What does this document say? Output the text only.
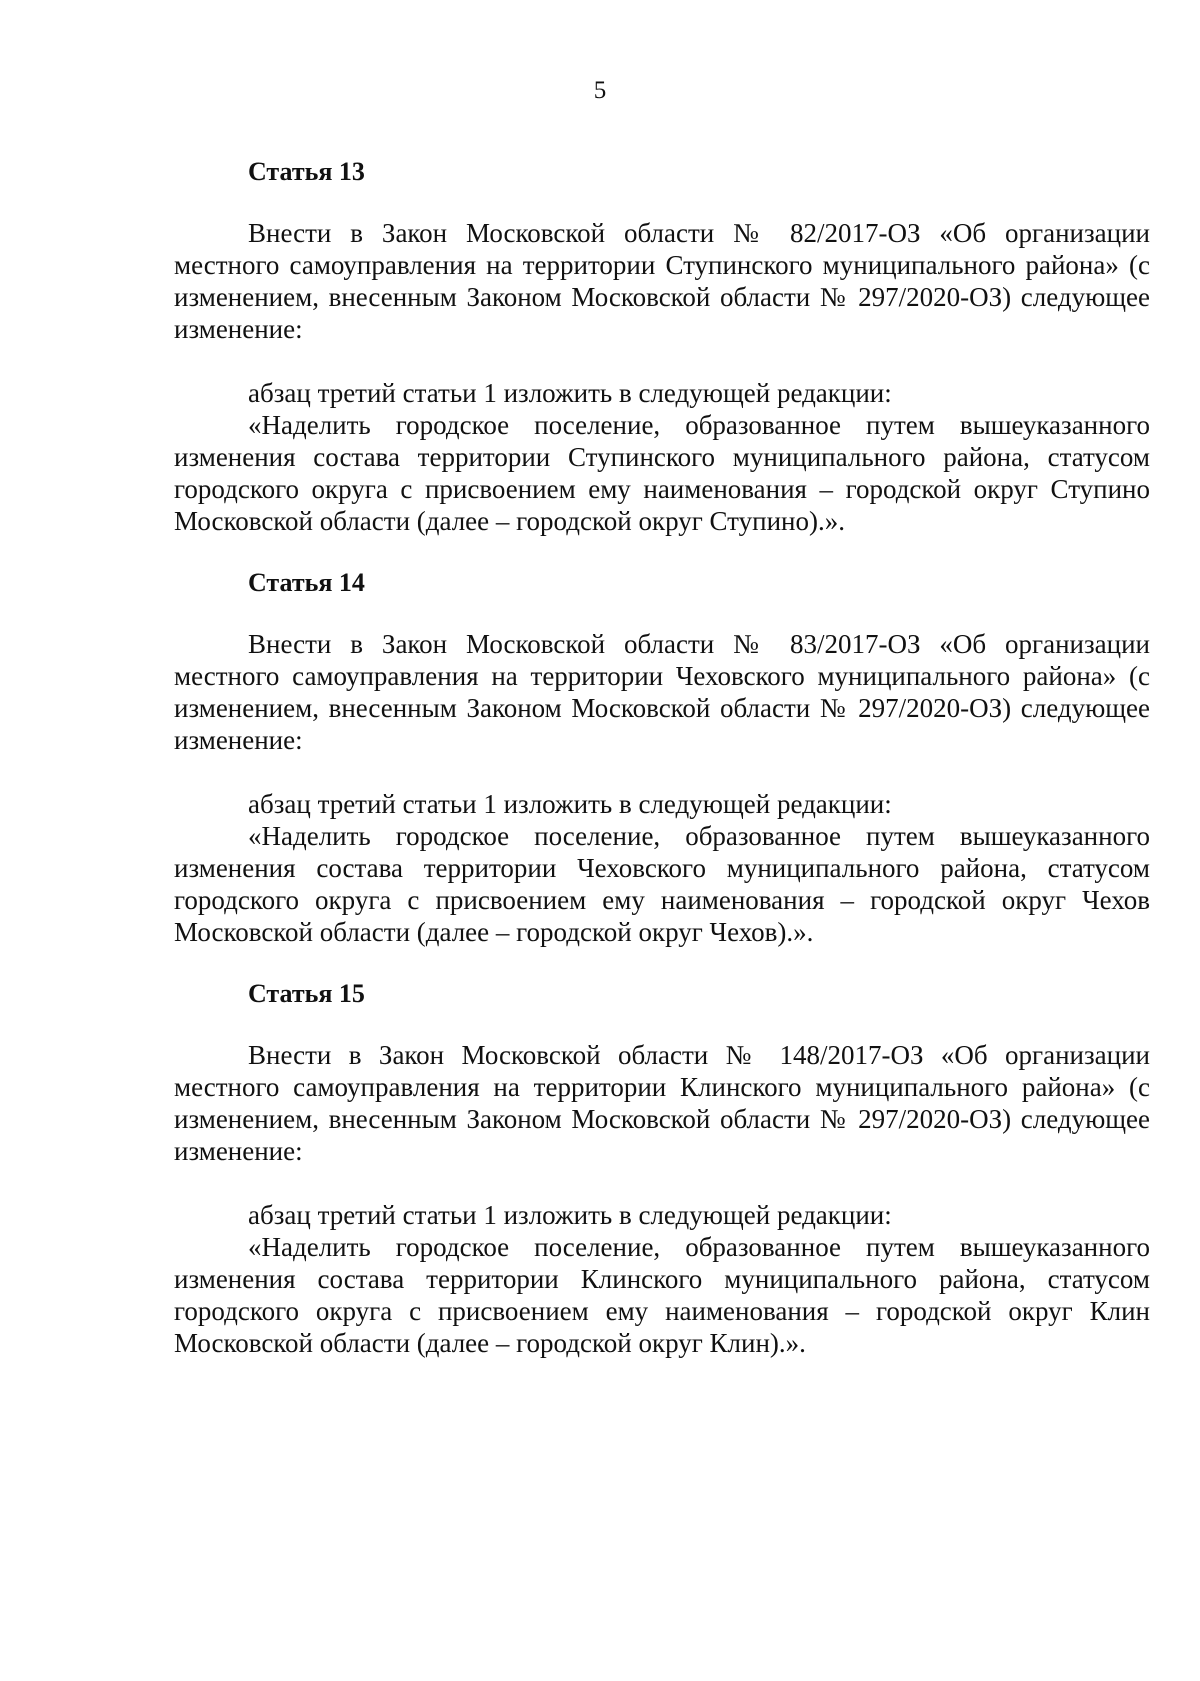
5
Статья 13

Внести в Закон Московской области № 82/2017-ОЗ «Об организации местного самоуправления на территории Ступинского муниципального района» (с изменением, внесенным Законом Московской области № 297/2020-ОЗ) следующее изменение:

абзац третий статьи 1 изложить в следующей редакции:

«Наделить городское поселение, образованное путем вышеуказанного изменения состава территории Ступинского муниципального района, статусом городского округа с присвоением ему наименования – городской округ Ступино Московской области (далее – городской округ Ступино).».

Статья 14

Внести в Закон Московской области № 83/2017-ОЗ «Об организации местного самоуправления на территории Чеховского муниципального района» (с изменением, внесенным Законом Московской области № 297/2020-ОЗ) следующее изменение:

абзац третий статьи 1 изложить в следующей редакции:

«Наделить городское поселение, образованное путем вышеуказанного изменения состава территории Чеховского муниципального района, статусом городского округа с присвоением ему наименования – городской округ Чехов Московской области (далее – городской округ Чехов).».

Статья 15

Внести в Закон Московской области № 148/2017-ОЗ «Об организации местного самоуправления на территории Клинского муниципального района» (с изменением, внесенным Законом Московской области № 297/2020-ОЗ) следующее изменение:

абзац третий статьи 1 изложить в следующей редакции:

«Наделить городское поселение, образованное путем вышеуказанного изменения состава территории Клинского муниципального района, статусом городского округа с присвоением ему наименования – городской округ Клин Московской области (далее – городской округ Клин).».
